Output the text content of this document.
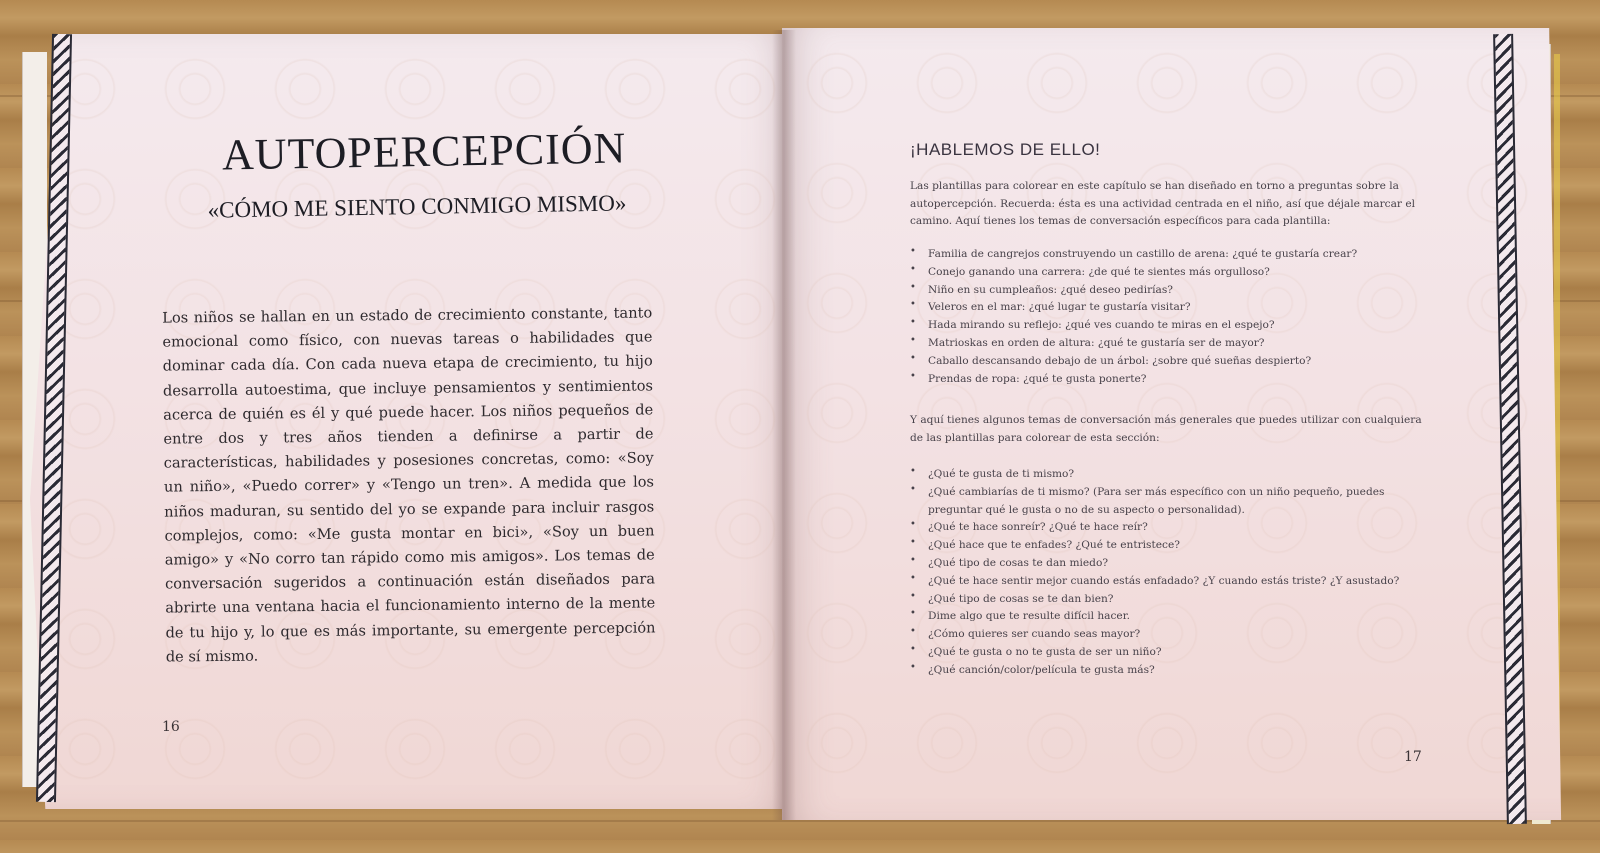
AUTOPERCEPCIÓN
«CÓMO ME SIENTO CONMIGO MISMO»

Los niños se hallan en un estado de crecimiento constante, tanto emocional como físico, con nuevas tareas o habilidades que dominar cada día. Con cada nueva etapa de crecimiento, tu hijo desarrolla autoestima, que incluye pensamientos y sentimientos acerca de quién es él y qué puede hacer. Los niños pequeños de entre dos y tres años tienden a definirse a partir de características, habilidades y posesiones concretas, como: «Soy un niño», «Puedo correr» y «Tengo un tren». A medida que los niños maduran, su sentido del yo se expande para incluir rasgos complejos, como: «Me gusta montar en bici», «Soy un buen amigo» y «No corro tan rápido como mis amigos». Los temas de conversación sugeridos a continuación están diseñados para abrirte una ventana hacia el funcionamiento interno de la mente de tu hijo y, lo que es más importante, su emergente percepción de sí mismo.

16
¡HABLEMOS DE ELLO!

Las plantillas para colorear en este capítulo se han diseñado en torno a preguntas sobre la autopercepción. Recuerda: ésta es una actividad centrada en el niño, así que déjale marcar el camino. Aquí tienes los temas de conversación específicos para cada plantilla:

• Familia de cangrejos construyendo un castillo de arena: ¿qué te gustaría crear?
• Conejo ganando una carrera: ¿de qué te sientes más orgulloso?
• Niño en su cumpleaños: ¿qué deseo pedirías?
• Veleros en el mar: ¿qué lugar te gustaría visitar?
• Hada mirando su reflejo: ¿qué ves cuando te miras en el espejo?
• Matrioskas en orden de altura: ¿qué te gustaría ser de mayor?
• Caballo descansando debajo de un árbol: ¿sobre qué sueñas despierto?
• Prendas de ropa: ¿qué te gusta ponerte?

Y aquí tienes algunos temas de conversación más generales que puedes utilizar con cualquiera de las plantillas para colorear de esta sección:

• ¿Qué te gusta de ti mismo?
• ¿Qué cambiarías de ti mismo? (Para ser más específico con un niño pequeño, puedes preguntar qué le gusta o no de su aspecto o personalidad).
• ¿Qué te hace sonreír? ¿Qué te hace reír?
• ¿Qué hace que te enfades? ¿Qué te entristece?
• ¿Qué tipo de cosas te dan miedo?
• ¿Qué te hace sentir mejor cuando estás enfadado? ¿Y cuando estás triste? ¿Y asustado?
• ¿Qué tipo de cosas se te dan bien?
• Dime algo que te resulte difícil hacer.
• ¿Cómo quieres ser cuando seas mayor?
• ¿Qué te gusta o no te gusta de ser un niño?
• ¿Qué canción/color/película te gusta más?
17
